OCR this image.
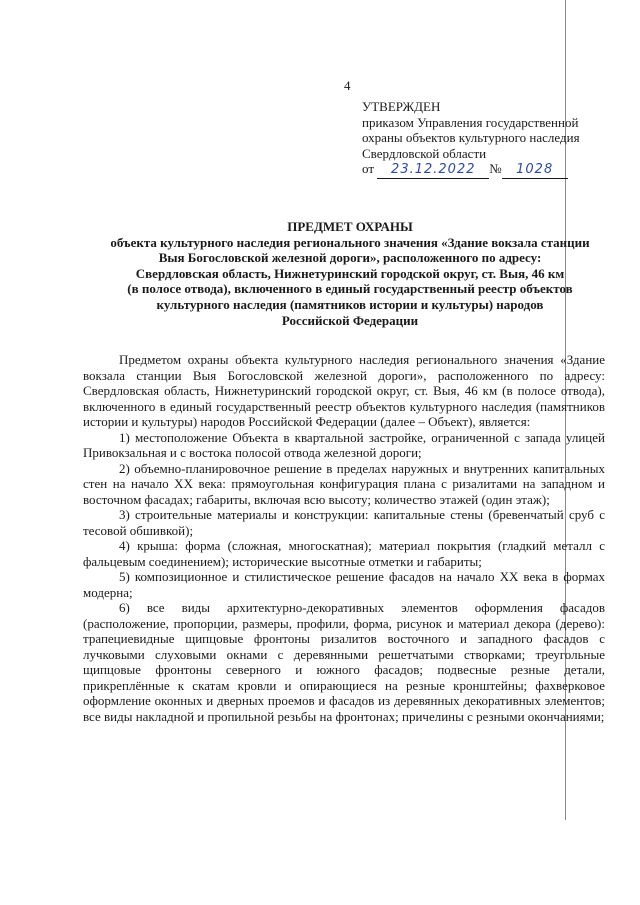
4
УТВЕРЖДЕН
приказом Управления государственной
охраны объектов культурного наследия
Свердловской области
от 23.12.2022 № 1028
ПРЕДМЕТ ОХРАНЫ
объекта культурного наследия регионального значения «Здание вокзала станции
Выя Богословской железной дороги», расположенного по адресу:
Свердловская область, Нижнетуринский городской округ, ст. Выя, 46 км
(в полосе отвода), включенного в единый государственный реестр объектов
культурного наследия (памятников истории и культуры) народов
Российской Федерации

Предметом охраны объекта культурного наследия регионального значения «Здание вокзала станции Выя Богословской железной дороги», расположенного по адресу: Свердловская область, Нижнетуринский городской округ, ст. Выя, 46 км (в полосе отвода), включенного в единый государственный реестр объектов культурного наследия (памятников истории и культуры) народов Российской Федерации (далее – Объект), является:

1) местоположение Объекта в квартальной застройке, ограниченной с запада улицей Привокзальная и с востока полосой отвода железной дороги;

2) объемно-планировочное решение в пределах наружных и внутренних капитальных стен на начало XX века: прямоугольная конфигурация плана с ризалитами на западном и восточном фасадах; габариты, включая всю высоту; количество этажей (один этаж);

3) строительные материалы и конструкции: капитальные стены (бревенчатый сруб с тесовой обшивкой);

4) крыша: форма (сложная, многоскатная); материал покрытия (гладкий металл с фальцевым соединением); исторические высотные отметки и габариты;

5) композиционное и стилистическое решение фасадов на начало XX века в формах модерна;

6) все виды архитектурно-декоративных элементов оформления фасадов (расположение, пропорции, размеры, профили, форма, рисунок и материал декора (дерево): трапециевидные щипцовые фронтоны ризалитов восточного и западного фасадов с лучковыми слуховыми окнами с деревянными решетчатыми створками; треугольные щипцовые фронтоны северного и южного фасадов; подвесные резные детали, прикреплённые к скатам кровли и опирающиеся на резные кронштейны; фахверковое оформление оконных и дверных проемов и фасадов из деревянных декоративных элементов; все виды накладной и пропильной резьбы на фронтонах; причелины с резными окончаниями;
